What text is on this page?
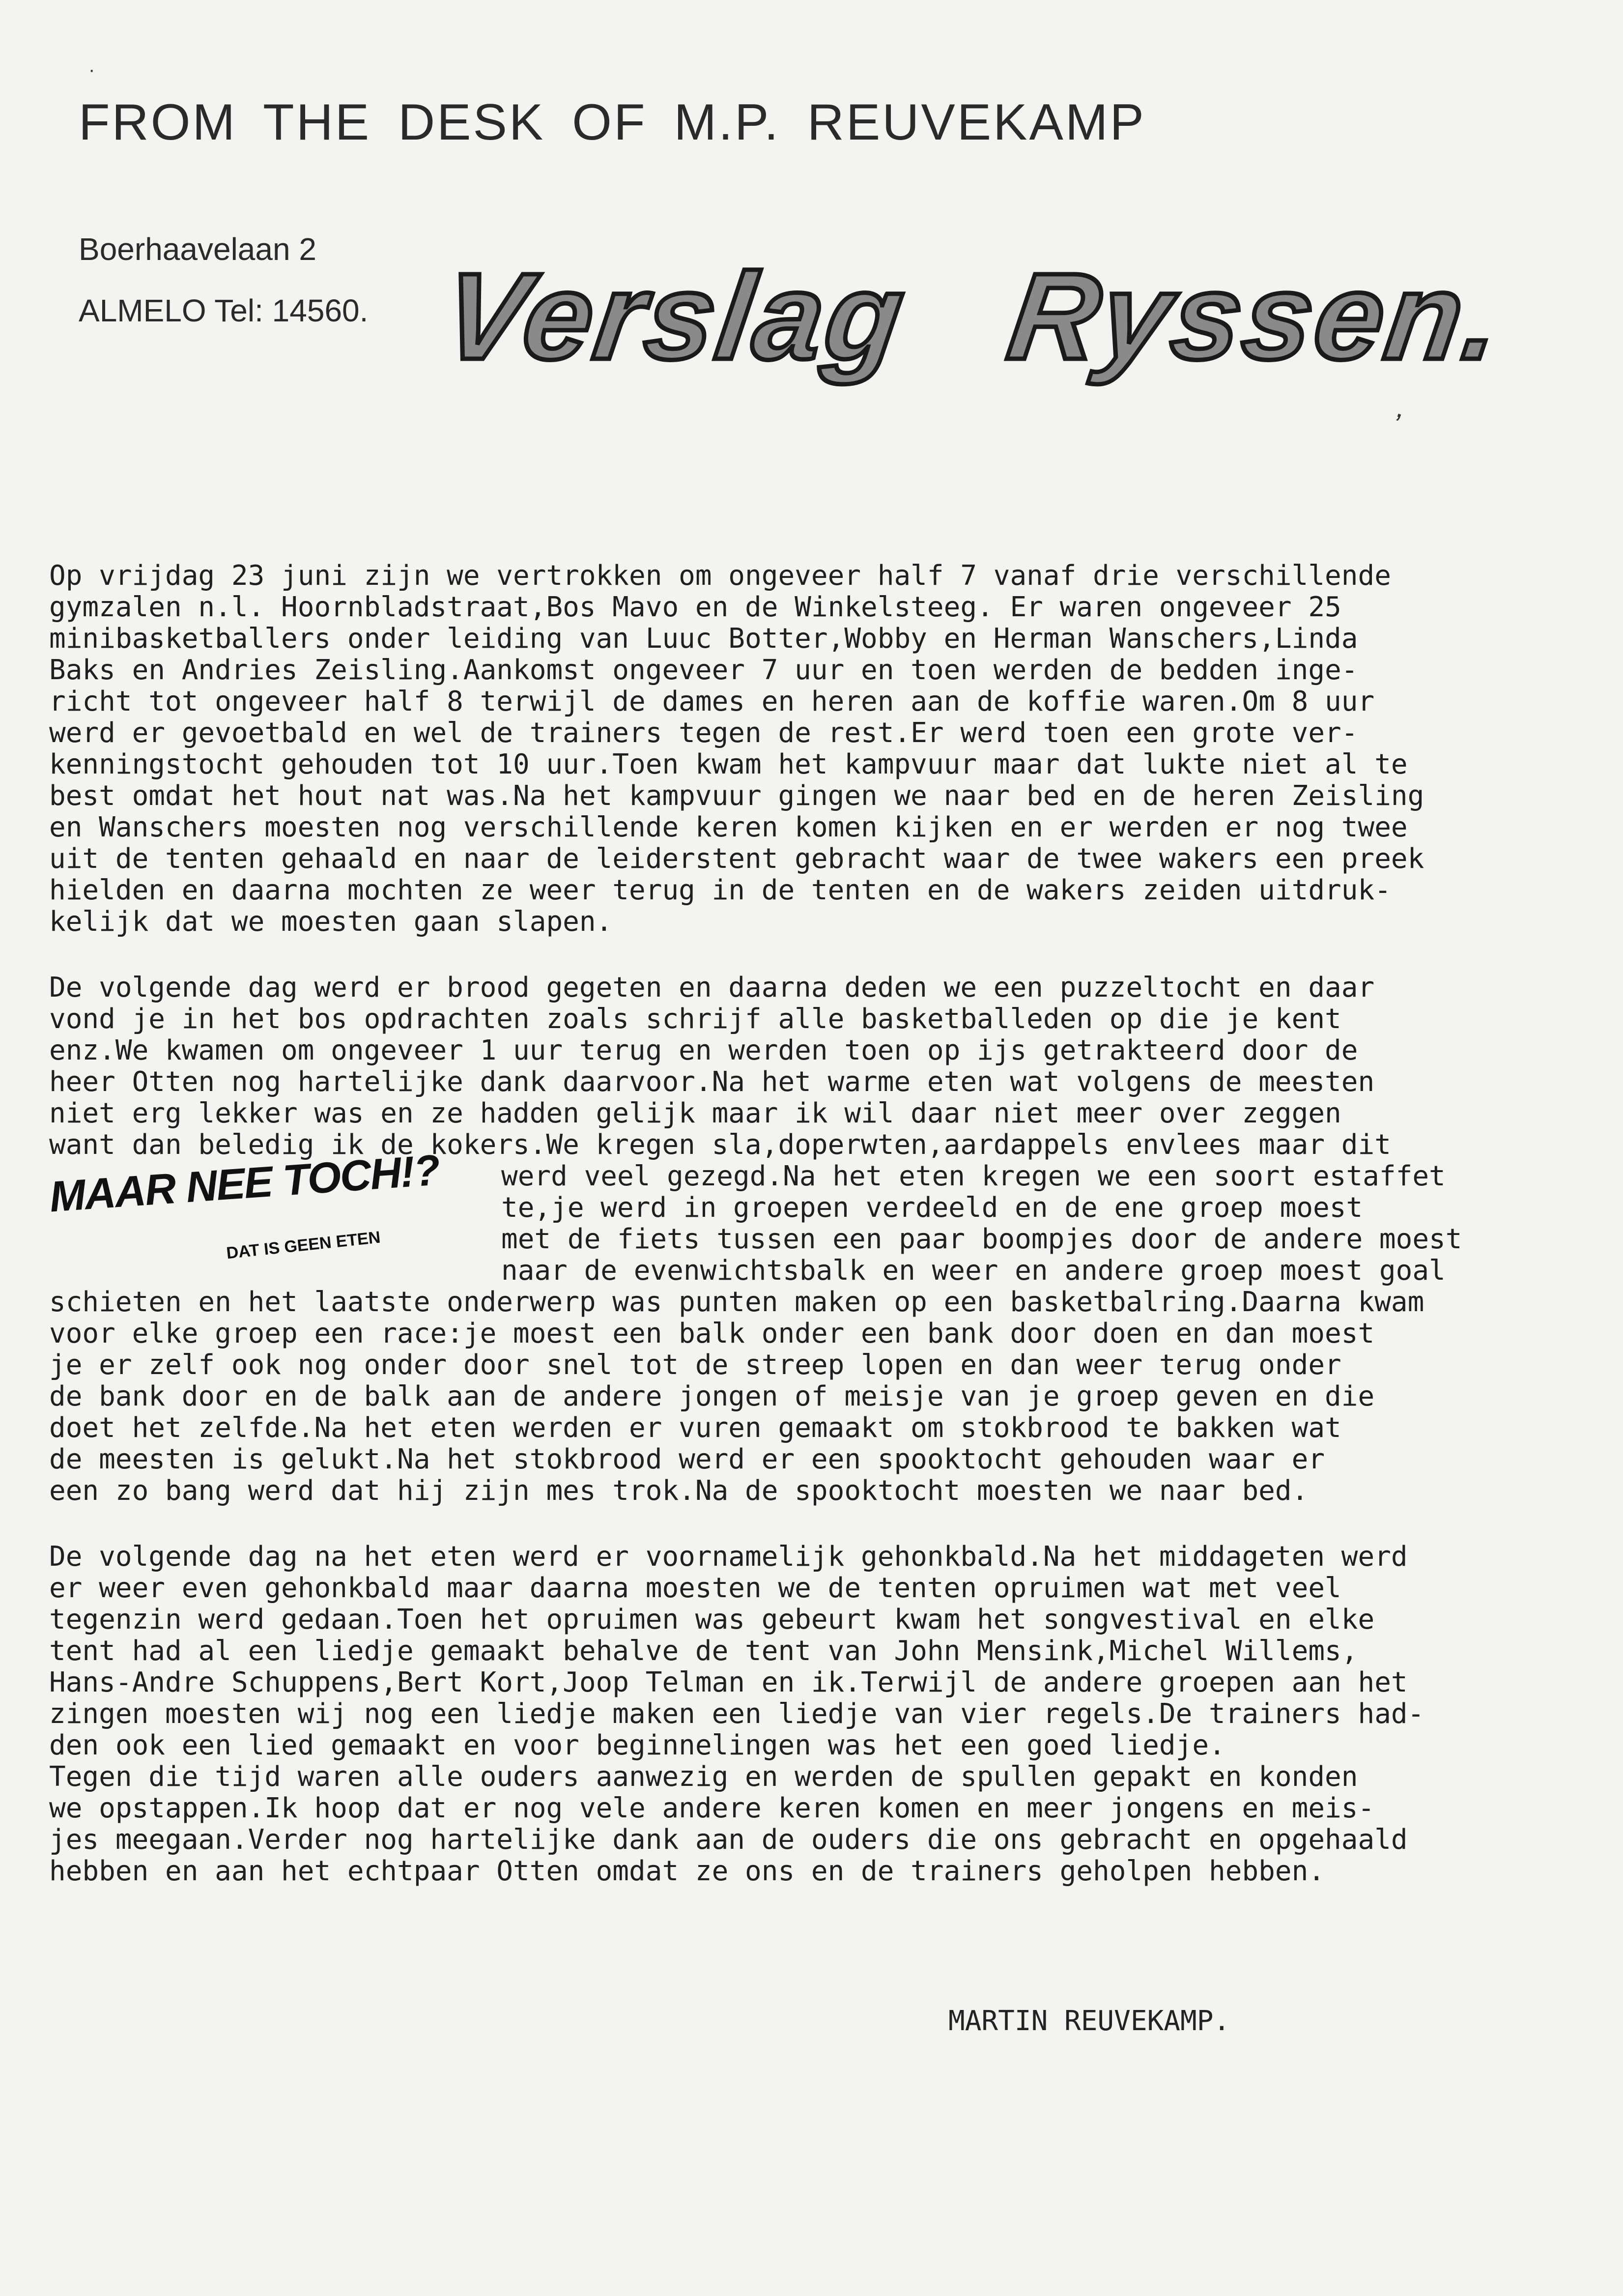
FROM THE DESK OF M.P. REUVEKAMP
Boerhaavelaan 2
ALMELO Tel: 14560. Verslag Ryssen.
,
·
Op vrijdag 23 juni zijn we vertrokken om ongeveer half 7 vanaf drie verschillende
gymzalen n.l. Hoornbladstraat,Bos Mavo en de Winkelsteeg. Er waren ongeveer 25
minibasketballers onder leiding van Luuc Botter,Wobby en Herman Wanschers,Linda
Baks en Andries Zeisling.Aankomst ongeveer 7 uur en toen werden de bedden inge-
richt tot ongeveer half 8 terwijl de dames en heren aan de koffie waren.Om 8 uur
werd er gevoetbald en wel de trainers tegen de rest.Er werd toen een grote ver-
kenningstocht gehouden tot 10 uur.Toen kwam het kampvuur maar dat lukte niet al te
best omdat het hout nat was.Na het kampvuur gingen we naar bed en de heren Zeisling
en Wanschers moesten nog verschillende keren komen kijken en er werden er nog twee
uit de tenten gehaald en naar de leiderstent gebracht waar de twee wakers een preek
hielden en daarna mochten ze weer terug in de tenten en de wakers zeiden uitdruk-
kelijk dat we moesten gaan slapen.
De volgende dag werd er brood gegeten en daarna deden we een puzzeltocht en daar
vond je in het bos opdrachten zoals schrijf alle basketballeden op die je kent
enz.We kwamen om ongeveer 1 uur terug en werden toen op ijs getrakteerd door de
heer Otten nog hartelijke dank daarvoor.Na het warme eten wat volgens de meesten
niet erg lekker was en ze hadden gelijk maar ik wil daar niet meer over zeggen
want dan beledig ik de kokers.We kregen sla,doperwten,aardappels envlees maar dit
MAAR NEE TOCH!?
DAT IS GEEN ETEN
werd veel gezegd.Na het eten kregen we een soort estaffet
te,je werd in groepen verdeeld en de ene groep moest
met de fiets tussen een paar boompjes door de andere moest
naar de evenwichtsbalk en weer en andere groep moest goal
schieten en het laatste onderwerp was punten maken op een basketbalring.Daarna kwam
voor elke groep een race:je moest een balk onder een bank door doen en dan moest
je er zelf ook nog onder door snel tot de streep lopen en dan weer terug onder
de bank door en de balk aan de andere jongen of meisje van je groep geven en die
doet het zelfde.Na het eten werden er vuren gemaakt om stokbrood te bakken wat
de meesten is gelukt.Na het stokbrood werd er een spooktocht gehouden waar er
een zo bang werd dat hij zijn mes trok.Na de spooktocht moesten we naar bed.
De volgende dag na het eten werd er voornamelijk gehonkbald.Na het middageten werd
er weer even gehonkbald maar daarna moesten we de tenten opruimen wat met veel
tegenzin werd gedaan.Toen het opruimen was gebeurt kwam het songvestival en elke
tent had al een liedje gemaakt behalve de tent van John Mensink,Michel Willems,
Hans-Andre Schuppens,Bert Kort,Joop Telman en ik.Terwijl de andere groepen aan het
zingen moesten wij nog een liedje maken een liedje van vier regels.De trainers had-
den ook een lied gemaakt en voor beginnelingen was het een goed liedje.
Tegen die tijd waren alle ouders aanwezig en werden de spullen gepakt en konden
we opstappen.Ik hoop dat er nog vele andere keren komen en meer jongens en meis-
jes meegaan.Verder nog hartelijke dank aan de ouders die ons gebracht en opgehaald
hebben en aan het echtpaar Otten omdat ze ons en de trainers geholpen hebben.
MARTIN REUVEKAMP.
